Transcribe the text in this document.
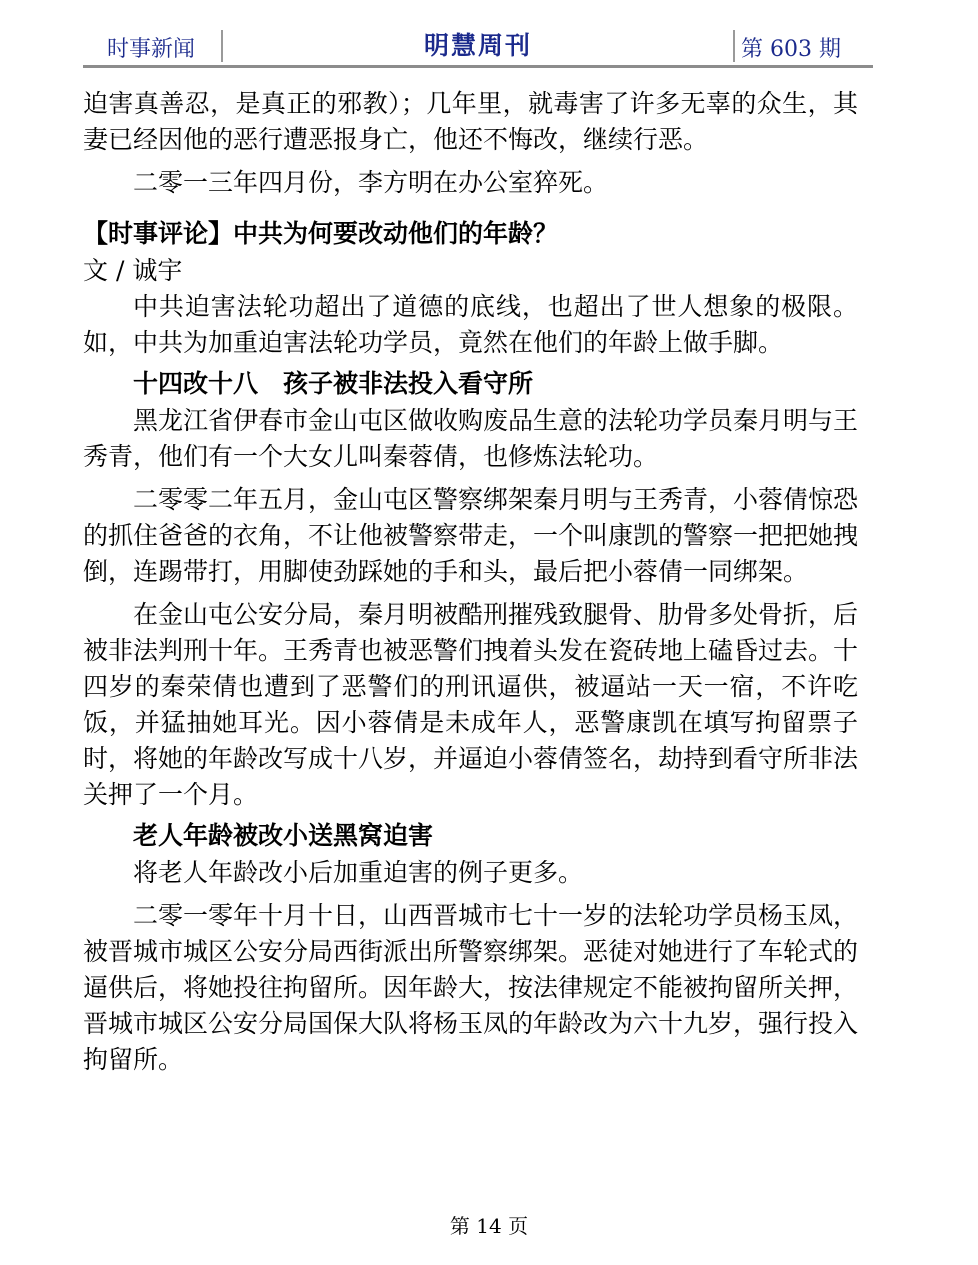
时事新闻	明慧周刊	第 603 期

迫害真善忍，是真正的邪教）；几年里，就毒害了许多无辜的众生，其妻已经因他的恶行遭恶报身亡，他还不悔改，继续行恶。

二零一三年四月份，李方明在办公室猝死。

【时事评论】中共为何要改动他们的年龄？

文 / 诚宇

中共迫害法轮功超出了道德的底线，也超出了世人想象的极限。如，中共为加重迫害法轮功学员，竟然在他们的年龄上做手脚。

十四改十八　孩子被非法投入看守所

黑龙江省伊春市金山屯区做收购废品生意的法轮功学员秦月明与王秀青，他们有一个大女儿叫秦蓉倩，也修炼法轮功。

二零零二年五月，金山屯区警察绑架秦月明与王秀青，小蓉倩惊恐的抓住爸爸的衣角，不让他被警察带走，一个叫康凯的警察一把把她拽倒，连踢带打，用脚使劲踩她的手和头，最后把小蓉倩一同绑架。

在金山屯公安分局，秦月明被酷刑摧残致腿骨、肋骨多处骨折，后被非法判刑十年。王秀青也被恶警们拽着头发在瓷砖地上磕昏过去。十四岁的秦荣倩也遭到了恶警们的刑讯逼供，被逼站一天一宿，不许吃饭，并猛抽她耳光。因小蓉倩是未成年人，恶警康凯在填写拘留票子时，将她的年龄改写成十八岁，并逼迫小蓉倩签名，劫持到看守所非法关押了一个月。

老人年龄被改小送黑窝迫害

将老人年龄改小后加重迫害的例子更多。

二零一零年十月十日，山西晋城市七十一岁的法轮功学员杨玉凤，被晋城市城区公安分局西街派出所警察绑架。恶徒对她进行了车轮式的逼供后，将她投往拘留所。因年龄大，按法律规定不能被拘留所关押，晋城市城区公安分局国保大队将杨玉凤的年龄改为六十九岁，强行投入拘留所。

第 14 页
